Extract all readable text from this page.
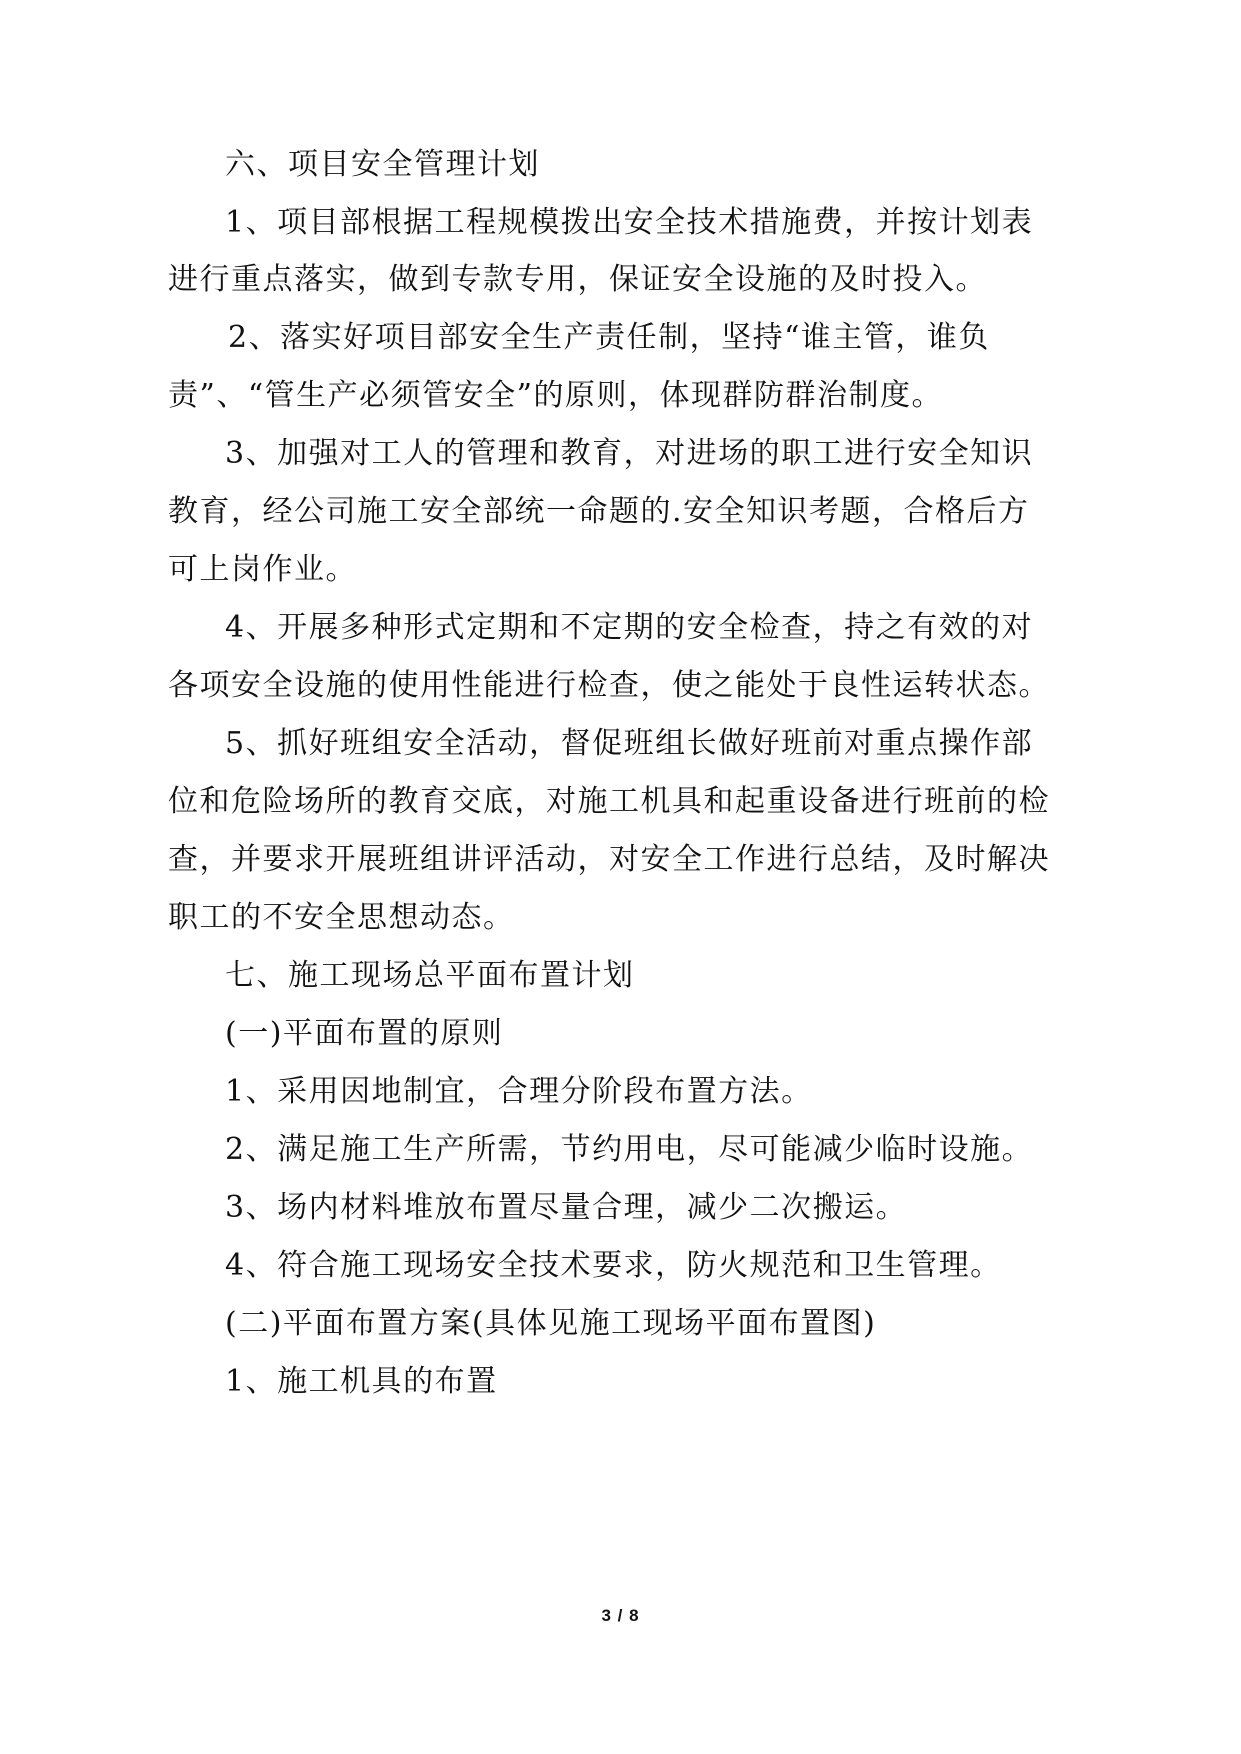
六、项目安全管理计划
1、项目部根据工程规模拨出安全技术措施费，并按计划表
进行重点落实，做到专款专用，保证安全设施的及时投入。
2、落实好项目部安全生产责任制，坚持“谁主管，谁负
责”、“管生产必须管安全”的原则，体现群防群治制度。
3、加强对工人的管理和教育，对进场的职工进行安全知识
教育，经公司施工安全部统一命题的.安全知识考题，合格后方
可上岗作业。
4、开展多种形式定期和不定期的安全检查，持之有效的对
各项安全设施的使用性能进行检查，使之能处于良性运转状态。
5、抓好班组安全活动，督促班组长做好班前对重点操作部
位和危险场所的教育交底，对施工机具和起重设备进行班前的检
查，并要求开展班组讲评活动，对安全工作进行总结，及时解决
职工的不安全思想动态。
七、施工现场总平面布置计划
(一)平面布置的原则
1、采用因地制宜，合理分阶段布置方法。
2、满足施工生产所需，节约用电，尽可能减少临时设施。
3、场内材料堆放布置尽量合理，减少二次搬运。
4、符合施工现场安全技术要求，防火规范和卫生管理。
(二)平面布置方案(具体见施工现场平面布置图)
1、施工机具的布置
3 / 8
